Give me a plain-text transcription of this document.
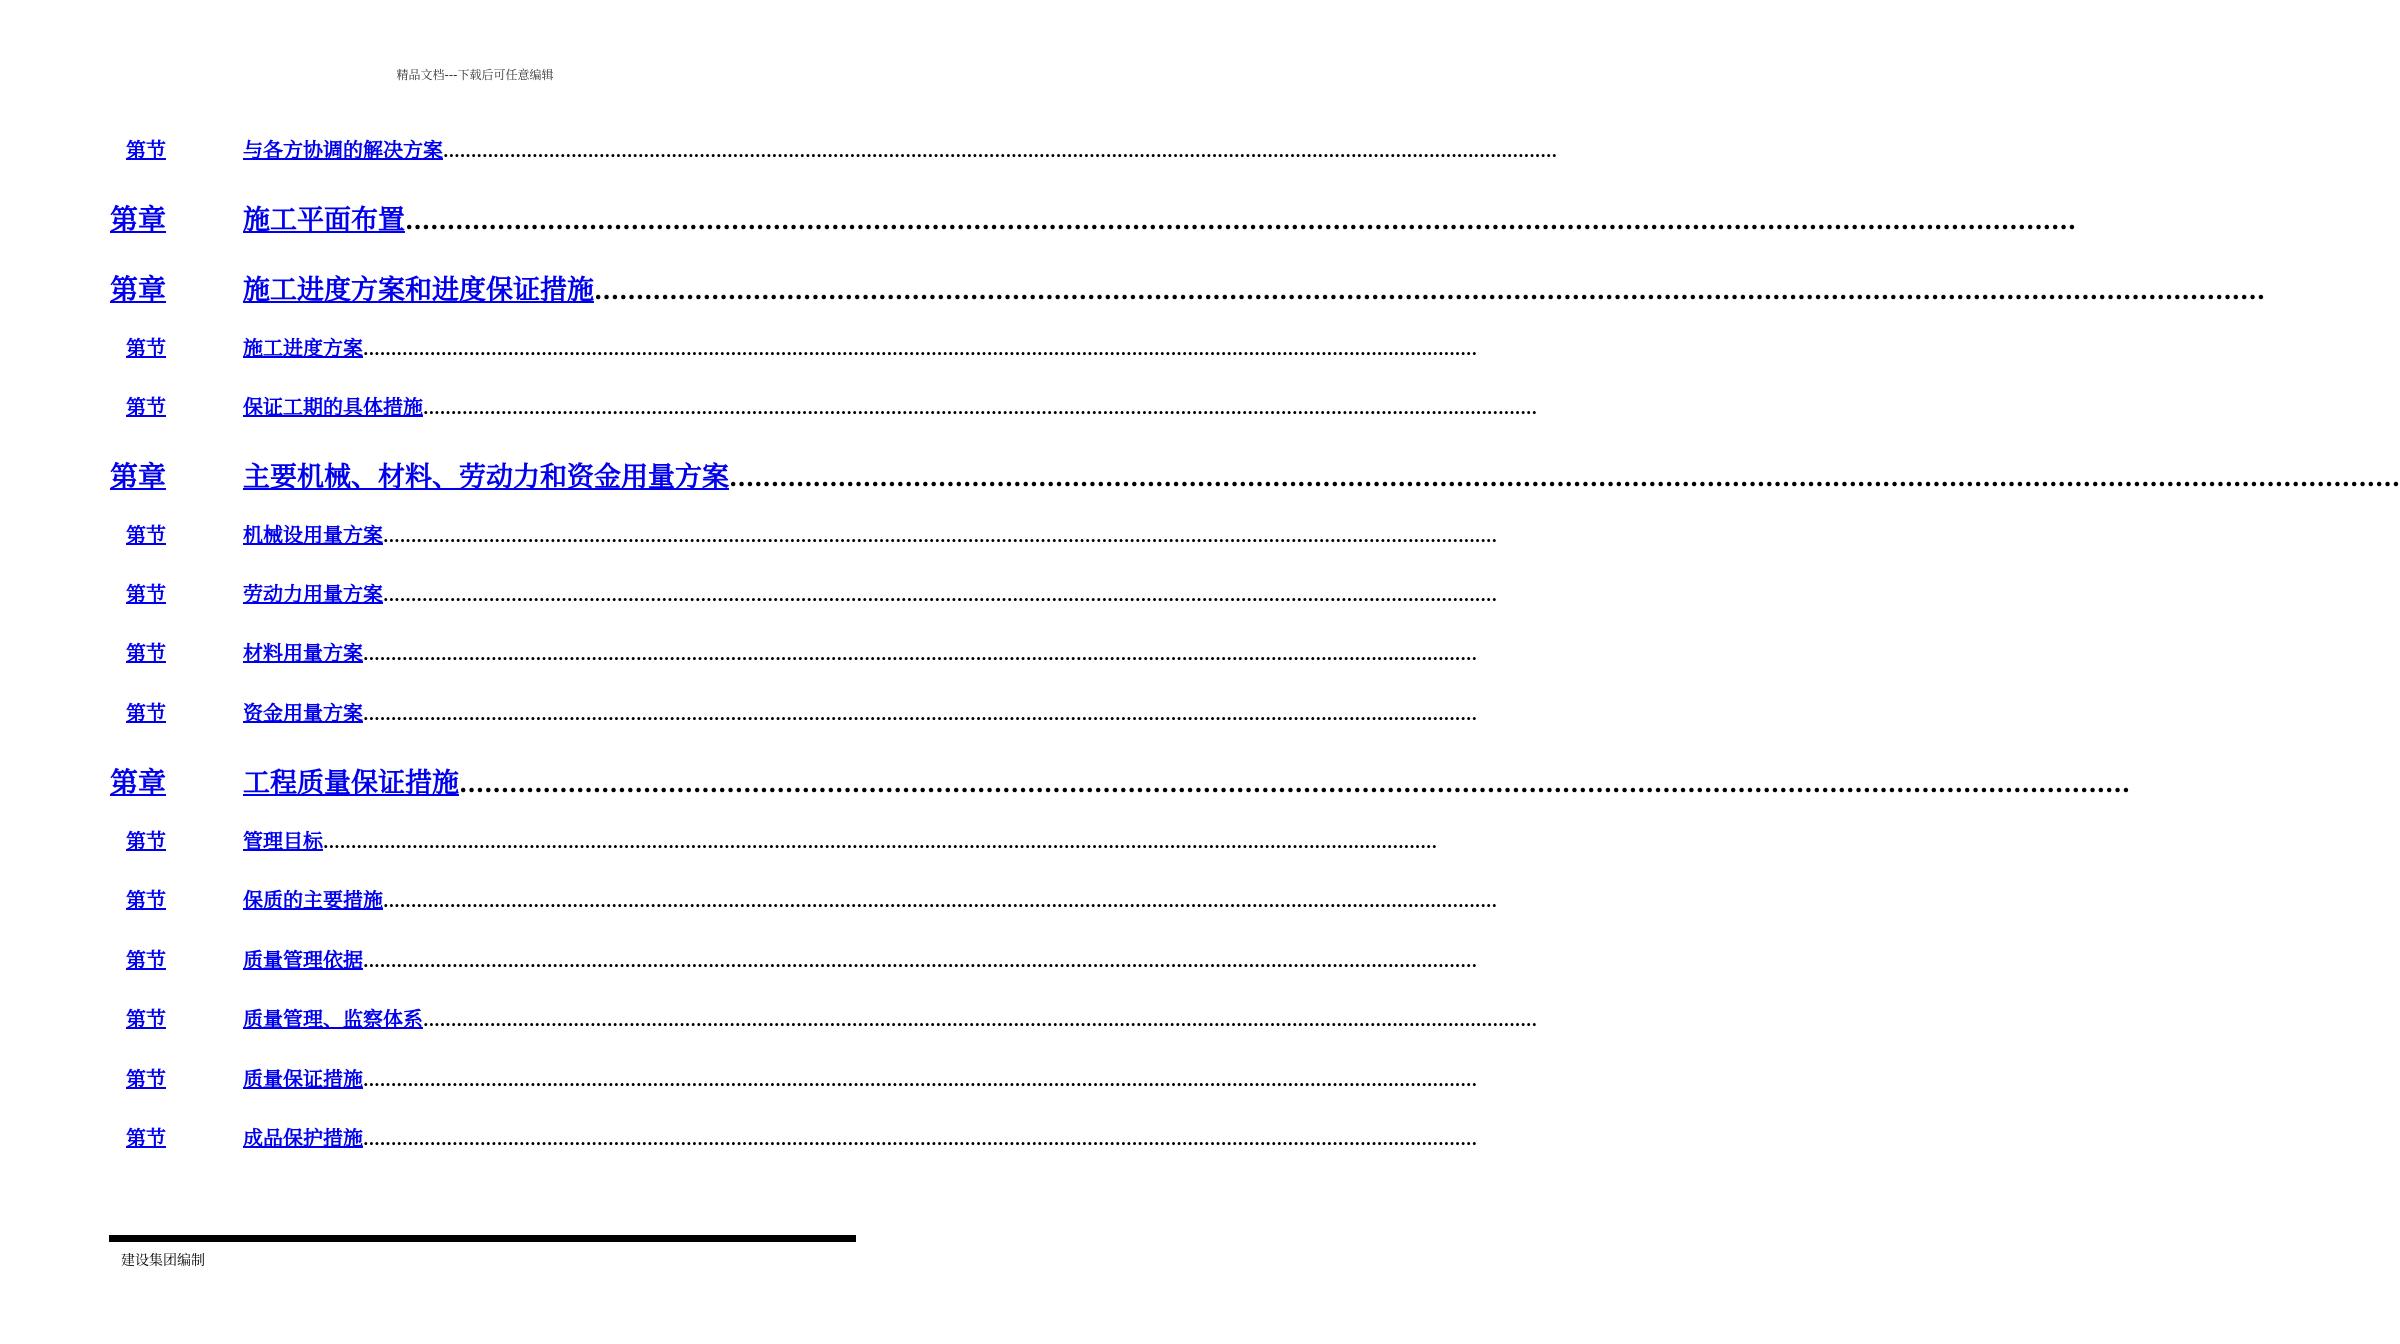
精品文档---下载后可任意编辑
第节	与各方协调的解决方案 ........................................................................................................................................................................................................
第章	施工平面布置 ........................................................................................................................................................................................................
第章	施工进度方案和进度保证措施 ........................................................................................................................................................................................................
第节	施工进度方案 ........................................................................................................................................................................................................
第节	保证工期的具体措施 ........................................................................................................................................................................................................
第章	主要机械、材料、劳动力和资金用量方案 ........................................................................................................................................................................................................
第节	机械设用量方案 ........................................................................................................................................................................................................
第节	劳动力用量方案 ........................................................................................................................................................................................................
第节	材料用量方案 ........................................................................................................................................................................................................
第节	资金用量方案 ........................................................................................................................................................................................................
第章	工程质量保证措施 ........................................................................................................................................................................................................
第节	管理目标 ........................................................................................................................................................................................................
第节	保质的主要措施 ........................................................................................................................................................................................................
第节	质量管理依据 ........................................................................................................................................................................................................
第节	质量管理、监察体系 ........................................................................................................................................................................................................
第节	质量保证措施 ........................................................................................................................................................................................................
第节	成品保护措施 ........................................................................................................................................................................................................
建设集团编制
